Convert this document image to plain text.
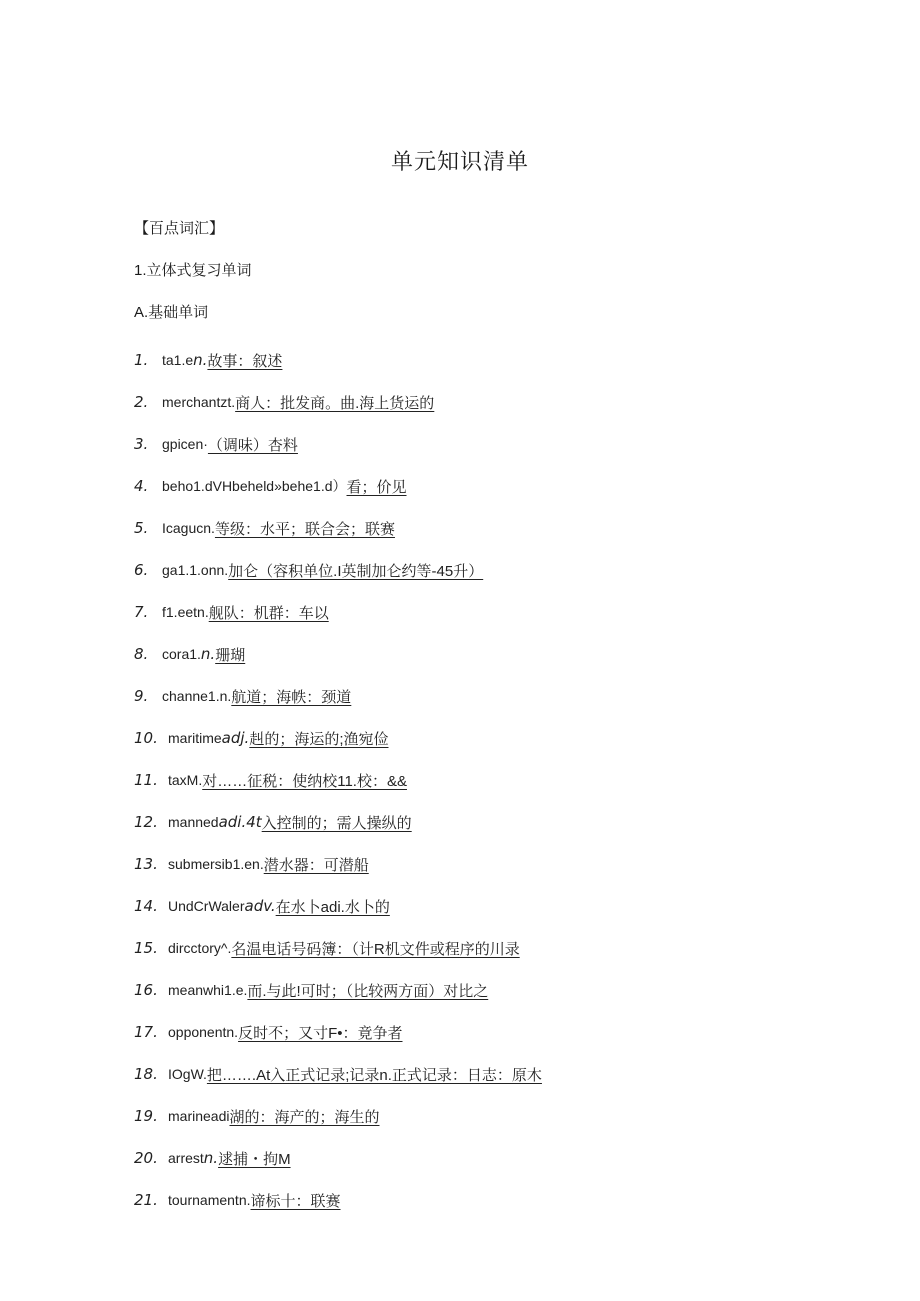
单元知识清单
【百点词汇】
1.立体式复习单词
A.基础单词
1. ta1.e n. 故事：叙述
2. merchantzt. 商人：批发商。曲.海上货运的
3. gpicen· （调味）杏料
4. beho1.dVHbeheld»behe1.d） 看；价见
5. Icagucn. 等级：水平；联合会；联赛
6. ga1.1.onn. 加仑（容积单位.I英制加仑约等-45升）
7. f1.eetn. 舰队：机群：车以
8. cora1. n. 珊瑚
9. channe1.n. 航道；海帙：颈道
10. maritime adj. 赳的；海运的;渔宛俭
11. taxM. 对……征税：使纳校11.校：&&
12. manned adi.4t 入控制的；需人操纵的
13. submersib1.en. 潜水器：可潜船
14. UndCrWaler adv. 在水卜adi.水卜的
15. dircctory^. 名温电话号码簿：（计R机文件或程序的川录
16. meanwhi1.e. 而.与此!可时；（比较两方面）对比之
17. opponentn. 反时不；又寸F•：竟争者
18. IOgW. 把…….At入正式记录;记录n.正式记录：日志：原木
19. marineadi 湖的：海产的；海生的
20. arrest n. 逑捕・拘M
21. tournamentn. 谛标十：联赛
